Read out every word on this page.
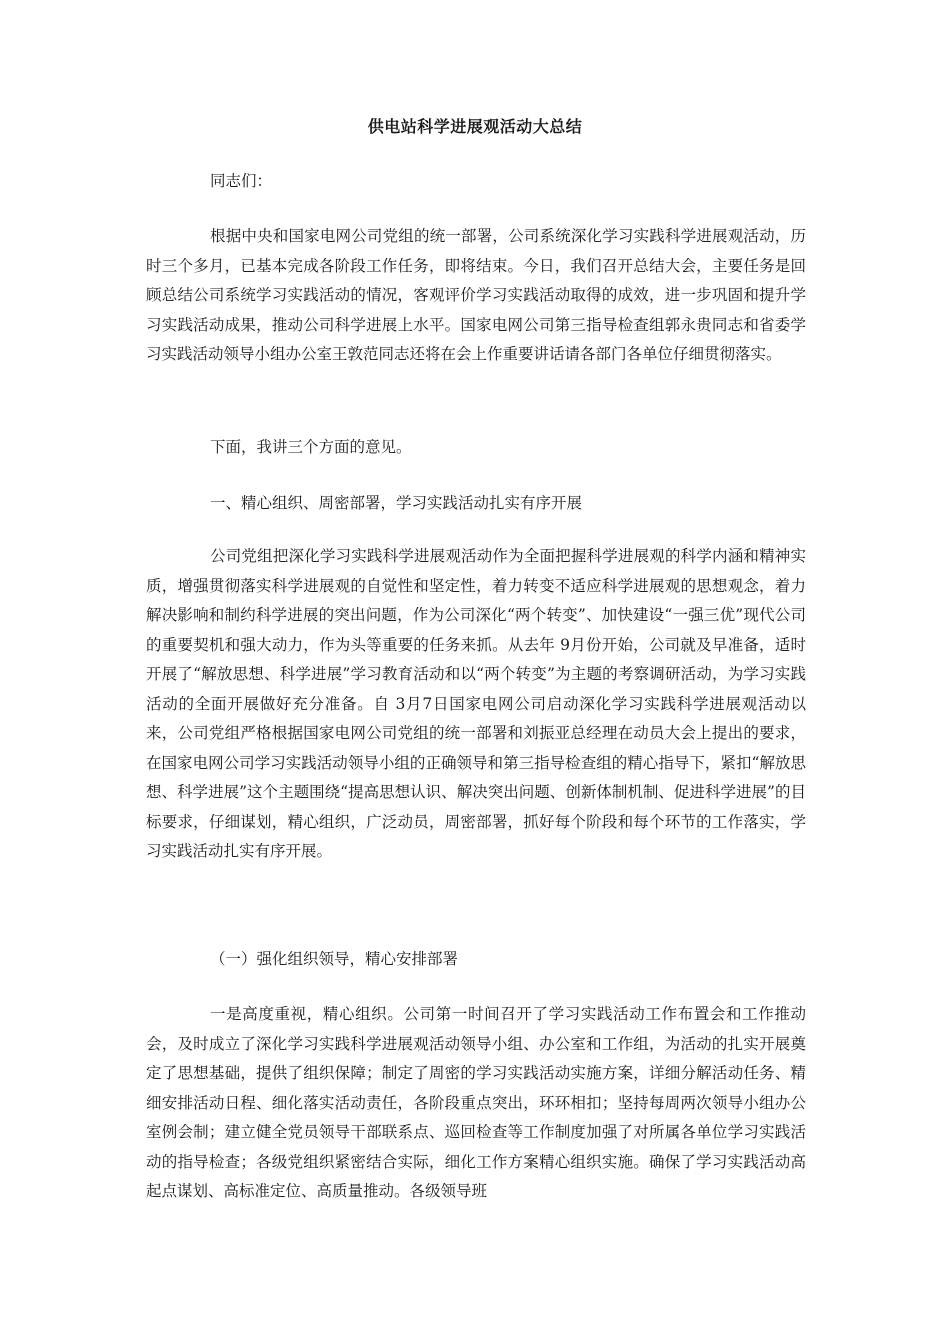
供电站科学进展观活动大总结

同志们：

根据中央和国家电网公司党组的统一部署，公司系统深化学习实践科学进展观活动，历时三个多月，已基本完成各阶段工作任务，即将结束。今日，我们召开总结大会，主要任务是回顾总结公司系统学习实践活动的情况，客观评价学习实践活动取得的成效，进一步巩固和提升学习实践活动成果，推动公司科学进展上水平。国家电网公司第三指导检查组郭永贵同志和省委学习实践活动领导小组办公室王敦范同志还将在会上作重要讲话请各部门各单位仔细贯彻落实。

下面，我讲三个方面的意见。

一、精心组织、周密部署，学习实践活动扎实有序开展

公司党组把深化学习实践科学进展观活动作为全面把握科学进展观的科学内涵和精神实质，增强贯彻落实科学进展观的自觉性和坚定性，着力转变不适应科学进展观的思想观念，着力解决影响和制约科学进展的突出问题，作为公司深化“两个转变”、加快建设“一强三优”现代公司的重要契机和强大动力，作为头等重要的任务来抓。从去年 9月份开始，公司就及早准备，适时开展了“解放思想、科学进展”学习教育活动和以“两个转变”为主题的考察调研活动，为学习实践活动的全面开展做好充分准备。自 3月7日国家电网公司启动深化学习实践科学进展观活动以来，公司党组严格根据国家电网公司党组的统一部署和刘振亚总经理在动员大会上提出的要求，在国家电网公司学习实践活动领导小组的正确领导和第三指导检查组的精心指导下，紧扣“解放思想、科学进展”这个主题围绕“提高思想认识、解决突出问题、创新体制机制、促进科学进展”的目标要求，仔细谋划，精心组织，广泛动员，周密部署，抓好每个阶段和每个环节的工作落实，学习实践活动扎实有序开展。

（一）强化组织领导，精心安排部署

一是高度重视，精心组织。公司第一时间召开了学习实践活动工作布置会和工作推动会，及时成立了深化学习实践科学进展观活动领导小组、办公室和工作组，为活动的扎实开展奠定了思想基础，提供了组织保障；制定了周密的学习实践活动实施方案，详细分解活动任务、精细安排活动日程、细化落实活动责任，各阶段重点突出，环环相扣；坚持每周两次领导小组办公室例会制；建立健全党员领导干部联系点、巡回检查等工作制度加强了对所属各单位学习实践活动的指导检查；各级党组织紧密结合实际，细化工作方案精心组织实施。确保了学习实践活动高起点谋划、高标准定位、高质量推动。各级领导班
